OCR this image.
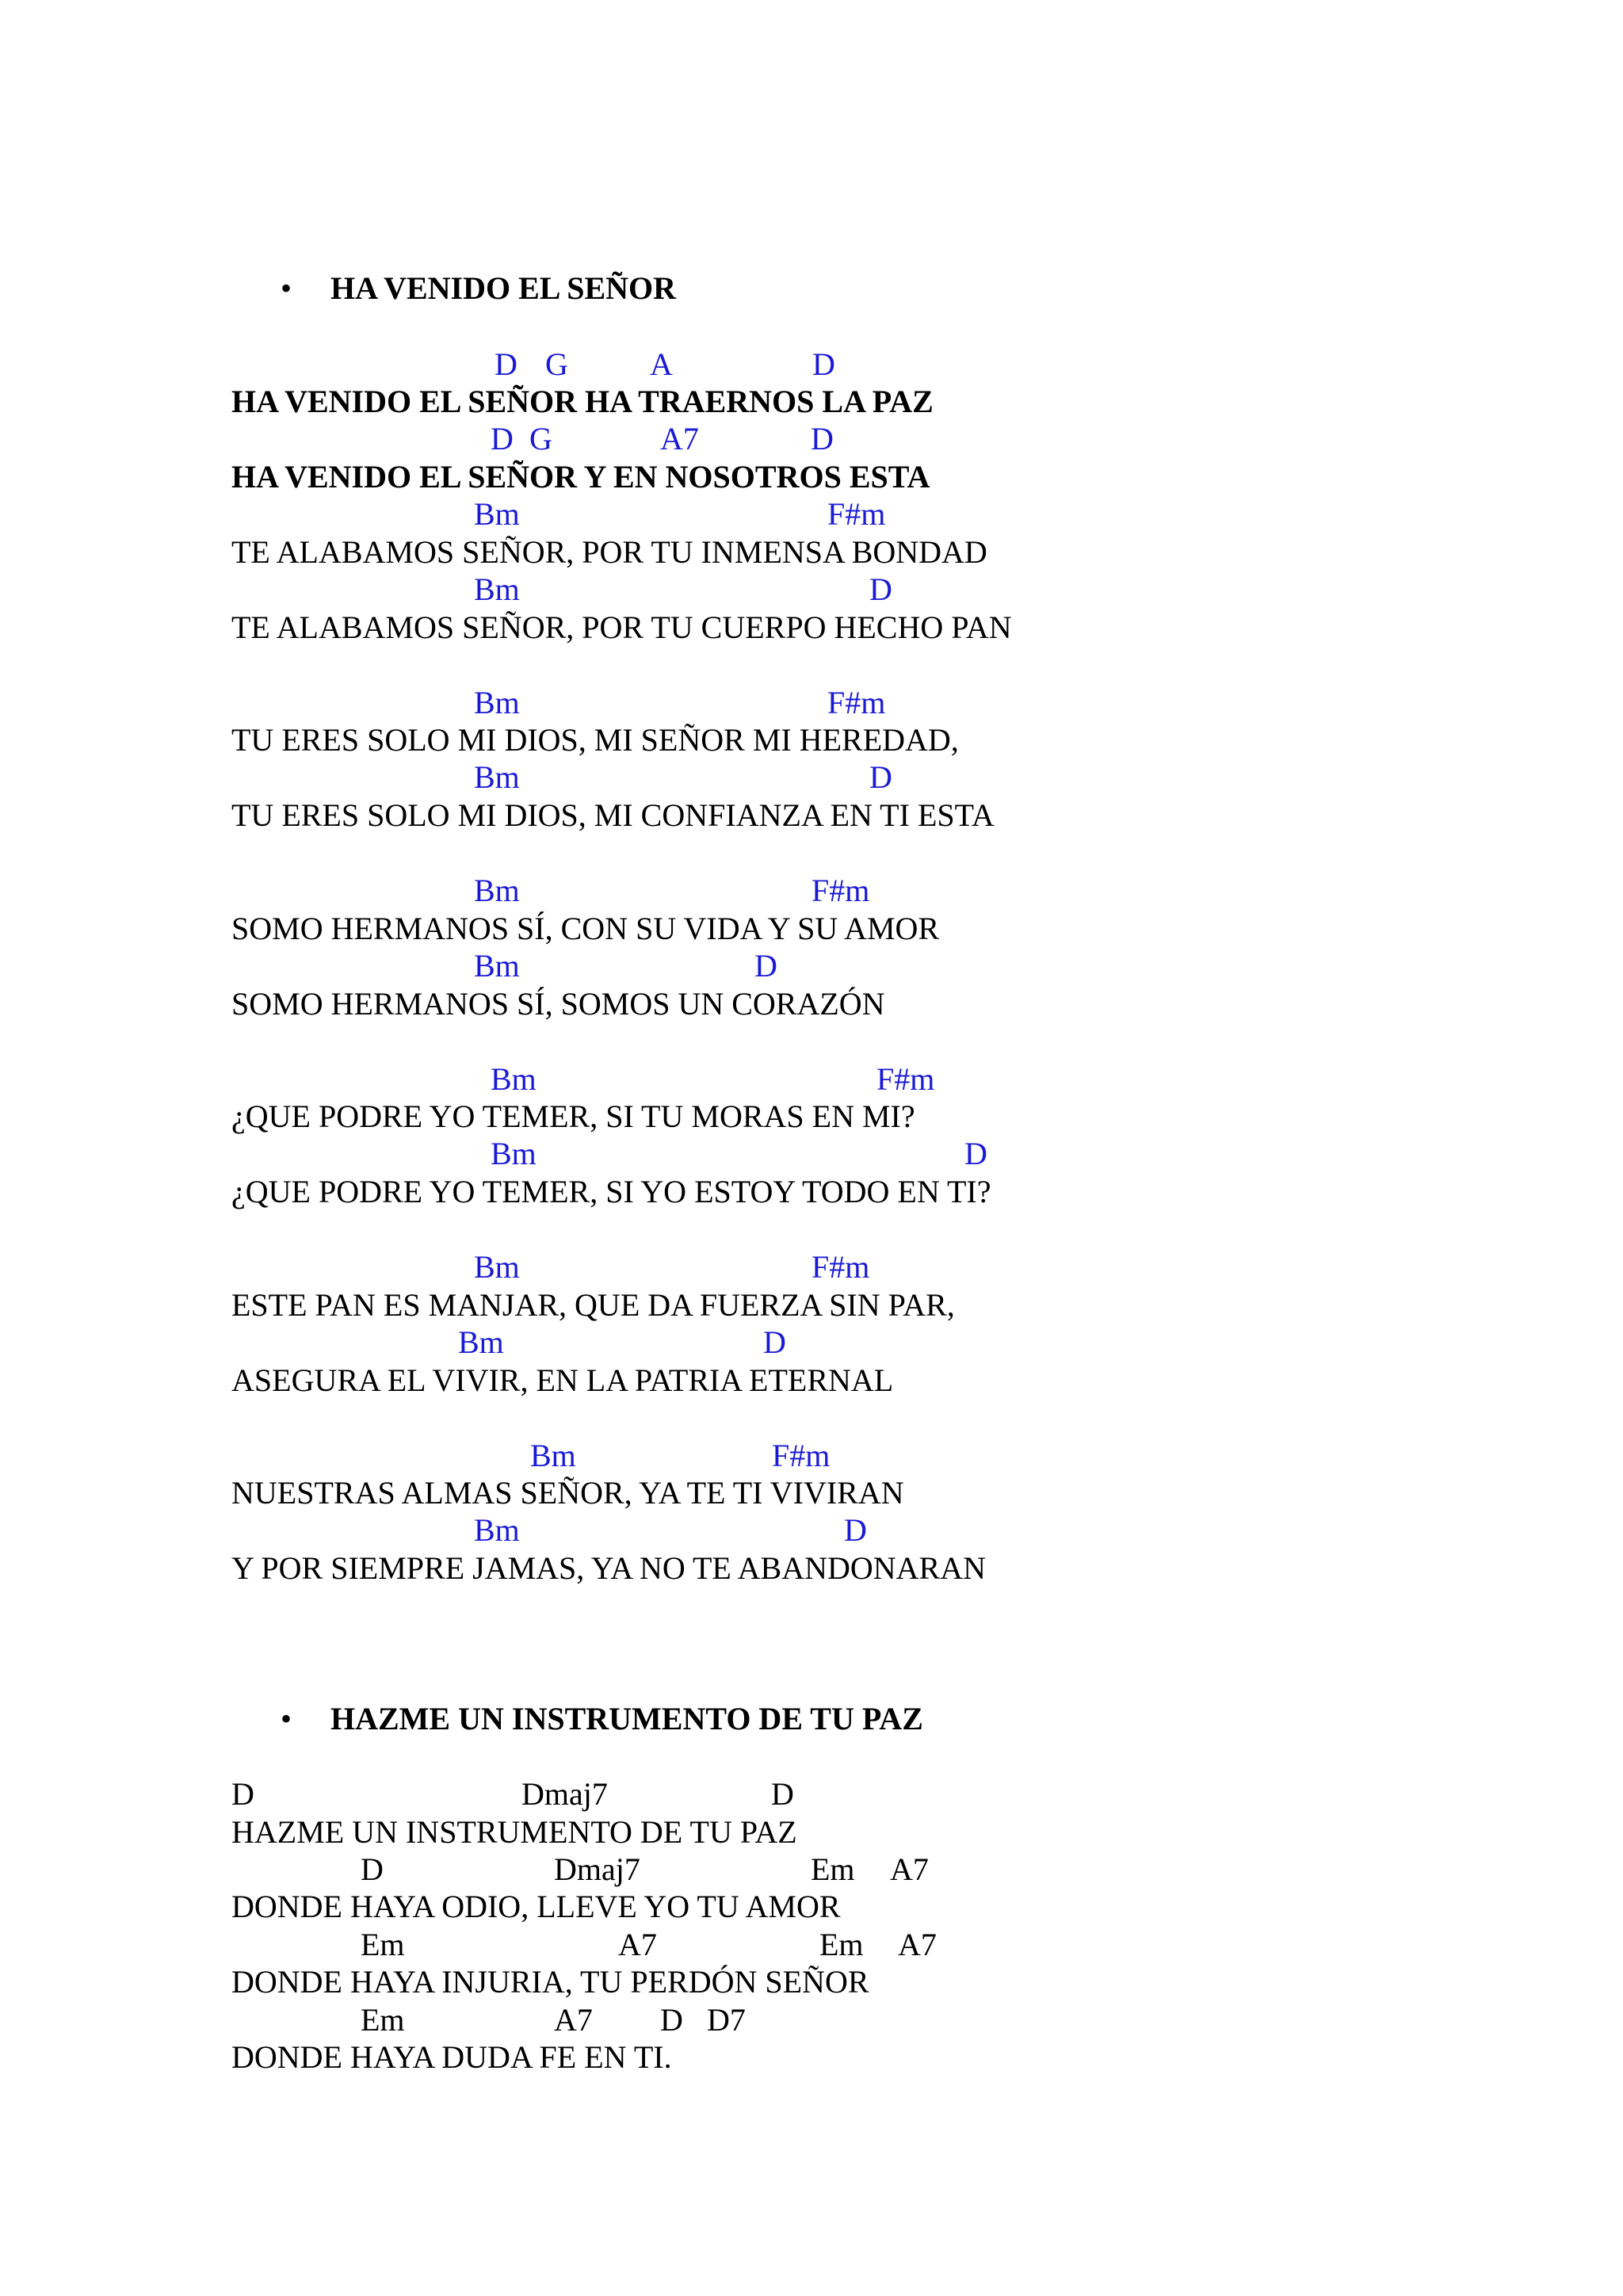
• HA VENIDO EL SEÑOR

D

G

	A

	D

HA VENIDO EL SEÑOR HA TRAERNOS LA PAZ

D

G

	A7

	D

HA VENIDO EL SEÑOR Y EN NOSOTROS ESTA

Bm

	F#m

TE ALABAMOS SEÑOR, POR TU INMENSA BONDAD

Bm

	D

TE ALABAMOS SEÑOR, POR TU CUERPO HECHO PAN

Bm

	F#m

TU ERES SOLO MI DIOS, MI SEÑOR MI HEREDAD,

Bm

	D

TU ERES SOLO MI DIOS, MI CONFIANZA EN TI ESTA

Bm

	F#m

SOMO HERMANOS SÍ, CON SU VIDA Y SU AMOR

Bm

	D

SOMO HERMANOS SÍ, SOMOS UN CORAZÓN

Bm

	F#m

¿QUE PODRE YO TEMER, SI TU MORAS EN MI?

Bm

	D

¿QUE PODRE YO TEMER, SI YO ESTOY TODO EN TI?

Bm

	F#m

ESTE PAN ES MANJAR, QUE DA FUERZA SIN PAR,

Bm

	D

ASEGURA EL VIVIR, EN LA PATRIA ETERNAL

Bm

	F#m

NUESTRAS ALMAS SEÑOR, YA TE TI VIVIRAN

Bm

	D

Y POR SIEMPRE JAMAS, YA NO TE ABANDONARAN
• HAZME UN INSTRUMENTO DE TU PAZ

D

	Dmaj7

	D

HAZME UN INSTRUMENTO DE TU PAZ

D

	Dmaj7

	Em

A7

DONDE HAYA ODIO, LLEVE YO TU AMOR

Em

	A7

	Em

A7

DONDE HAYA INJURIA, TU PERDÓN SEÑOR

Em

	A7

D

D7

DONDE HAYA DUDA FE EN TI.
